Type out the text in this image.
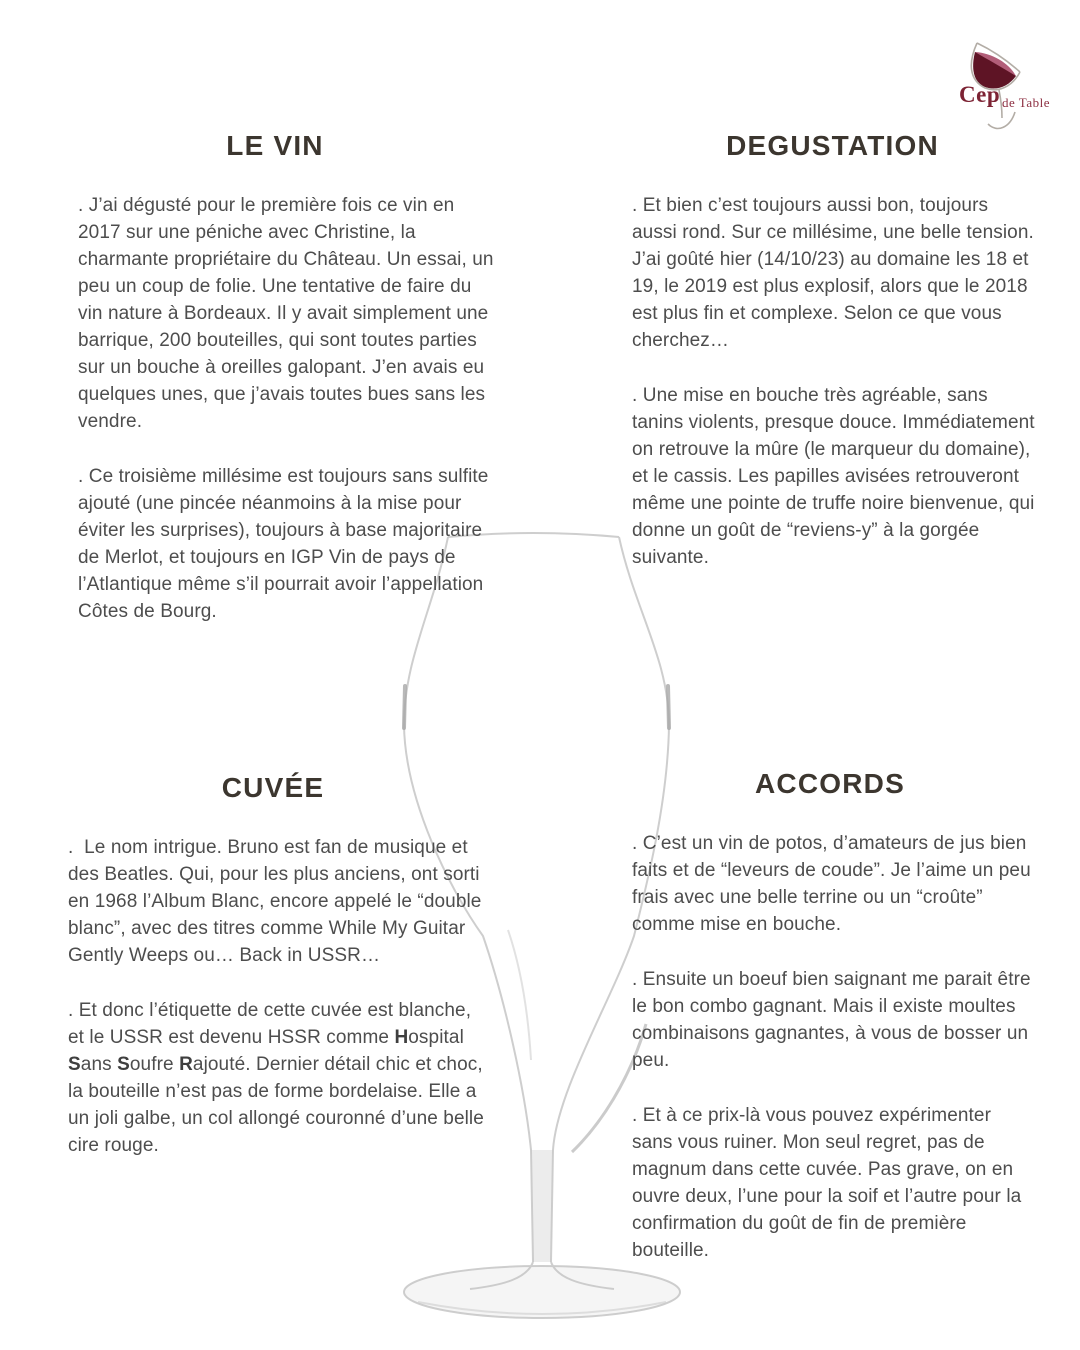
Cep de Table
LE VIN

. J’ai dégusté pour le première fois ce vin en 2017 sur une péniche avec Christine, la charmante propriétaire du Château. Un essai, un peu un coup de folie. Une tentative de faire du vin nature à Bordeaux. Il y avait simplement une barrique, 200 bouteilles, qui sont toutes parties sur un bouche à oreilles galopant. J’en avais eu quelques unes, que j’avais toutes bues sans les vendre.

. Ce troisième millésime est toujours sans sulfite ajouté (une pincée néanmoins à la mise pour éviter les surprises), toujours à base majoritaire de Merlot, et toujours en IGP Vin de pays de l’Atlantique même s’il pourrait avoir l’appellation Côtes de Bourg.

DEGUSTATION

. Et bien c’est toujours aussi bon, toujours aussi rond. Sur ce millésime, une belle tension. J’ai goûté hier (14/10/23) au domaine les 18 et 19, le 2019 est plus explosif, alors que le 2018 est plus fin et complexe. Selon ce que vous cherchez…

. Une mise en bouche très agréable, sans tanins violents, presque douce. Immédiatement on retrouve la mûre (le marqueur du domaine), et le cassis. Les papilles avisées retrouveront même une pointe de truffe noire bienvenue, qui donne un goût de “reviens-y” à la gorgée suivante.

CUVÉE

.  Le nom intrigue. Bruno est fan de musique et des Beatles. Qui, pour les plus anciens, ont sorti en 1968 l’Album Blanc, encore appelé le “double blanc”, avec des titres comme While My Guitar Gently Weeps ou… Back in USSR…

. Et donc l’étiquette de cette cuvée est blanche, et le USSR est devenu HSSR comme Hospital Sans Soufre Rajouté. Dernier détail chic et choc, la bouteille n’est pas de forme bordelaise. Elle a un joli galbe, un col allongé couronné d’une belle cire rouge.

ACCORDS

. C’est un vin de potos, d’amateurs de jus bien faits et de “leveurs de coude”. Je l’aime un peu frais avec une belle terrine ou un “croûte” comme mise en bouche.

. Ensuite un boeuf bien saignant me parait être le bon combo gagnant. Mais il existe moultes combinaisons gagnantes, à vous de bosser un peu.

. Et à ce prix-là vous pouvez expérimenter sans vous ruiner. Mon seul regret, pas de magnum dans cette cuvée. Pas grave, on en ouvre deux, l’une pour la soif et l’autre pour la confirmation du goût de fin de première bouteille.
